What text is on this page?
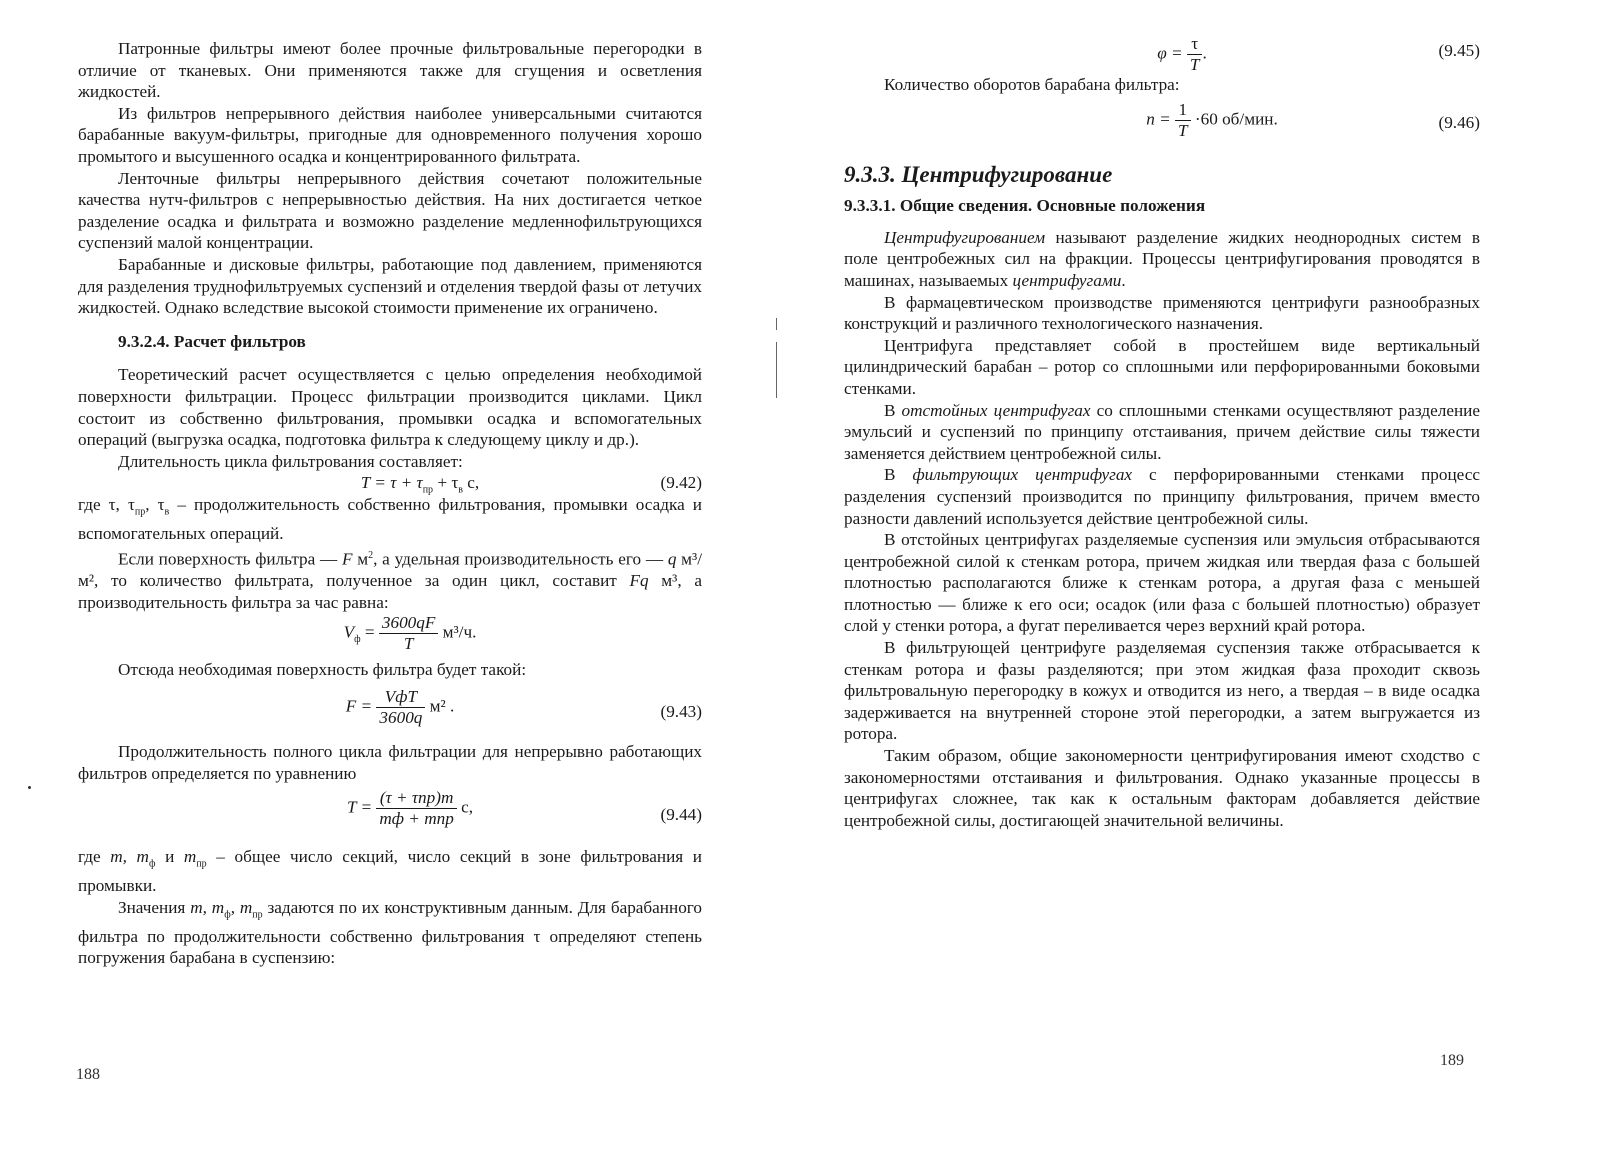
Патронные фильтры имеют более прочные фильтровальные перегородки в отличие от тканевых. Они применяются также для сгущения и осветления жидкостей.

Из фильтров непрерывного действия наиболее универсальными считаются барабанные вакуум-фильтры, пригодные для одновременного получения хорошо промытого и высушенного осадка и концентрированного фильтрата.

Ленточные фильтры непрерывного действия сочетают положительные качества нутч-фильтров с непрерывностью действия. На них достигается четкое разделение осадка и фильтрата и возможно разделение медленнофильтрующихся суспензий малой концентрации.

Барабанные и дисковые фильтры, работающие под давлением, применяются для разделения труднофильтруемых суспензий и отделения твердой фазы от летучих жидкостей. Однако вследствие высокой стоимости применение их ограничено.

9.3.2.4. Расчет фильтров

Теоретический расчет осуществляется с целью определения необходимой поверхности фильтрации. Процесс фильтрации производится циклами. Цикл состоит из собственно фильтрования, промывки осадка и вспомогательных операций (выгрузка осадка, подготовка фильтра к следующему циклу и др.).

Длительность цикла фильтрования составляет:

$T = \tau + \tau_{пр} + \tau_в$ с,	(9.42)

где τ, $\tau_{пр}$, $\tau_в$ – продолжительность собственно фильтрования, промывки осадка и вспомогательных операций.

Если поверхность фильтра — F $м^2$, а удельная производительность его — q м³/м², то количество фильтрата, полученное за один цикл, составит Fq м³, а производительность фильтра за час равна:

$V_ф = \frac{3600qF}{T} м^3/ч$.

Отсюда необходимая поверхность фильтра будет такой:

$F = \frac{\text{VфT}}{3600q} м^2$ .	(9.43)

Продолжительность полного цикла фильтрации для непрерывно работающих фильтров определяется по уравнению

$T = \frac{\text{(τ + τпр)m}}{\text{mф + mпр}} с$,	(9.44)

где m, $m_ф$ и $m_{пр}$ – общее число секций, число секций в зоне фильтрования и промывки.

Значения m, $m_ф$, $m_{пр}$ задаются по их конструктивным данным. Для барабанного фильтра по продолжительности собственно фильтрования τ определяют степень погружения барабана в суспензию:

188
$\varphi = \frac{\tau}{T}$ .	(9.45)

Количество оборотов барабана фильтра:

$n = \frac{1}{T} \cdot 60$ об/мин.	(9.46)
9.3.3. Центрифугирование
9.3.3.1. Общие сведения. Основные положения

Центрифугированием называют разделение жидких неоднородных систем в поле центробежных сил на фракции. Процессы центрифугирования проводятся в машинах, называемых центрифугами.

В фармацевтическом производстве применяются центрифуги разнообразных конструкций и различного технологического назначения.

Центрифуга представляет собой в простейшем виде вертикальный цилиндрический барабан – ротор со сплошными или перфорированными боковыми стенками.

В отстойных центрифугах со сплошными стенками осуществляют разделение эмульсий и суспензий по принципу отстаивания, причем действие силы тяжести заменяется действием центробежной силы.

В фильтрующих центрифугах с перфорированными стенками процесс разделения суспензий производится по принципу фильтрования, причем вместо разности давлений используется действие центробежной силы.

В отстойных центрифугах разделяемые суспензия или эмульсия отбрасываются центробежной силой к стенкам ротора, причем жидкая или твердая фаза с большей плотностью располагаются ближе к стенкам ротора, а другая фаза с меньшей плотностью — ближе к его оси; осадок (или фаза с большей плотностью) образует слой у стенки ротора, а фугат переливается через верхний край ротора.

В фильтрующей центрифуге разделяемая суспензия также отбрасывается к стенкам ротора и фазы разделяются; при этом жидкая фаза проходит сквозь фильтровальную перегородку в кожух и отводится из него, а твердая – в виде осадка задерживается на внутренней стороне этой перегородки, а затем выгружается из ротора.

Таким образом, общие закономерности центрифугирования имеют сходство с закономерностями отстаивания и фильтрования. Однако указанные процессы в центрифугах сложнее, так как к остальным факторам добавляется действие центробежной силы, достигающей значительной величины.

189
